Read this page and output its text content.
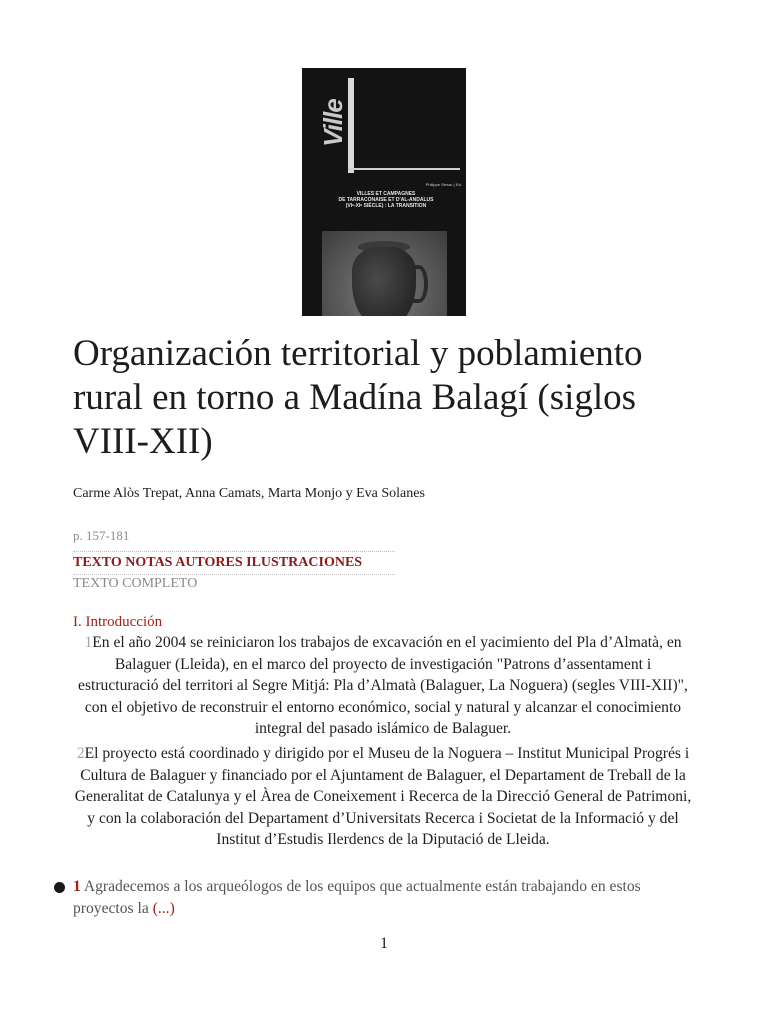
Ville
Philippe Sénac ( Ed.
VILLES ET CAMPAGNES
DE TARRACONAISE ET D'AL-ANDALUS
(VIᵉ-XIᵉ SIÈCLE) : LA TRANSITION
Organización territorial y poblamiento rural en torno a Madína Balagí (siglos VIII-XII)
Carme Alòs Trepat, Anna Camats, Marta Monjo y Eva Solanes
p. 157-181
TEXTO NOTAS AUTORES ILUSTRACIONES
TEXTO COMPLETO
I. Introducción

1En el año 2004 se reiniciaron los trabajos de excavación en el yacimiento del Pla d’Almatà, en Balaguer (Lleida), en el marco del proyecto de investigación "Patrons d’assentament i estructuració del territori al Segre Mitjá: Pla d’Almatà (Balaguer, La Noguera) (segles VIII-XII)", con el objetivo de reconstruir el entorno económico, social y natural y alcanzar el conocimiento integral del pasado islámico de Balaguer.

2El proyecto está coordinado y dirigido por el Museu de la Noguera – Institut Municipal Progrés i Cultura de Balaguer y financiado por el Ajuntament de Balaguer, el Departament de Treball de la Generalitat de Catalunya y el Àrea de Coneixement i Recerca de la Direcció General de Patrimoni, y con la colaboración del Departament d’Universitats Recerca i Societat de la Informació y del Institut d’Estudis Ilerdencs de la Diputació de Lleida.

1 Agradecemos a los arqueólogos de los equipos que actualmente están trabajando en estos proyectos la (...)
1
